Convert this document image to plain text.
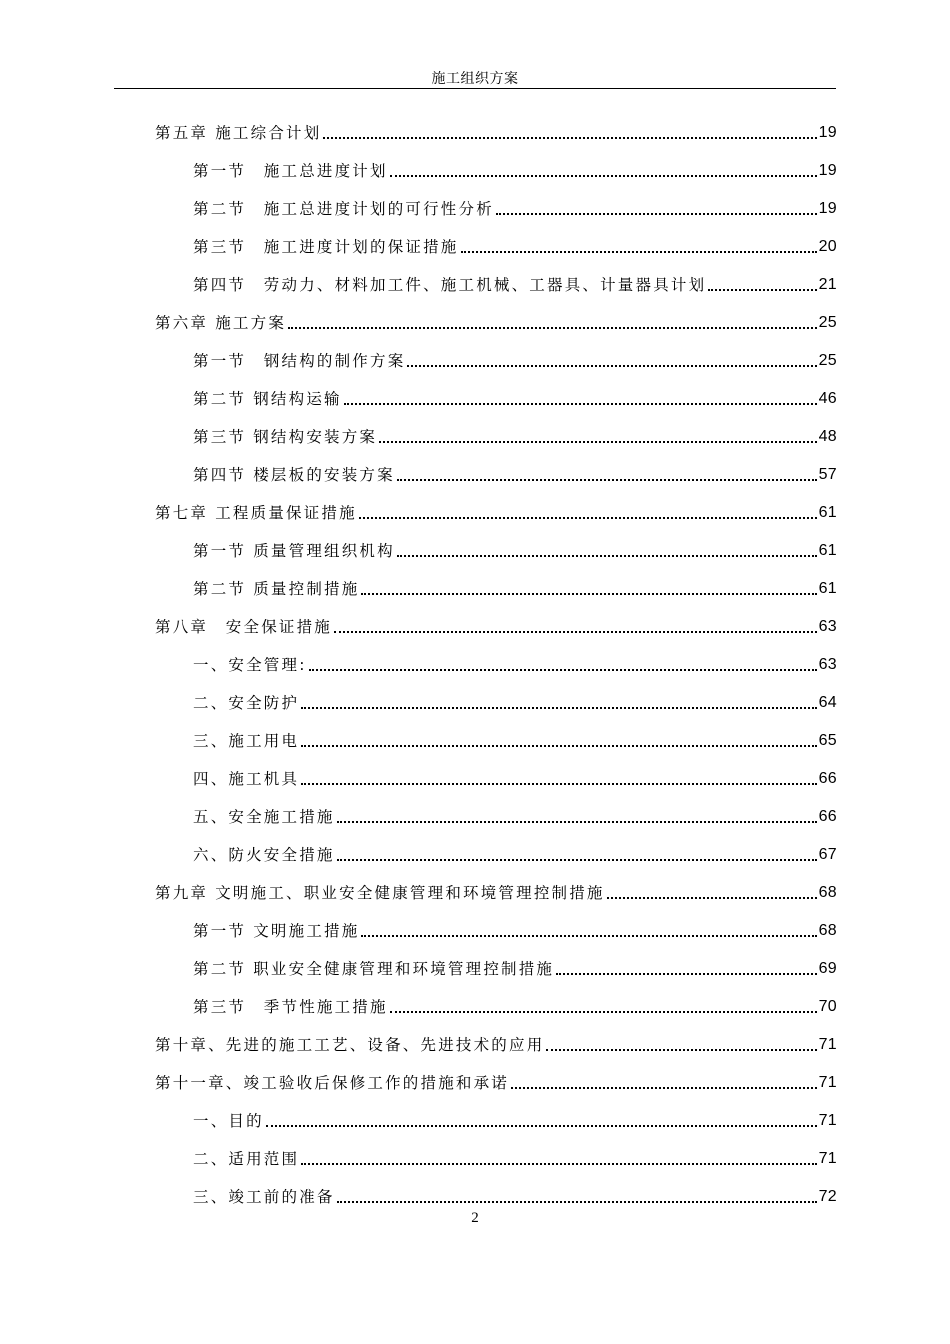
施工组织方案
第五章 施工综合计划	19
第一节　施工总进度计划	19
第二节　施工总进度计划的可行性分析	19
第三节　施工进度计划的保证措施	20
第四节　劳动力、材料加工件、施工机械、工器具、计量器具计划	21
第六章 施工方案	25
第一节　钢结构的制作方案	25
第二节 钢结构运输	46
第三节 钢结构安装方案	48
第四节 楼层板的安装方案	57
第七章 工程质量保证措施	61
第一节 质量管理组织机构	61
第二节 质量控制措施	61
第八章　安全保证措施	63
一、安全管理:	63
二、安全防护	64
三、施工用电	65
四、施工机具	66
五、安全施工措施	66
六、防火安全措施	67
第九章 文明施工、职业安全健康管理和环境管理控制措施	68
第一节 文明施工措施	68
第二节 职业安全健康管理和环境管理控制措施	69
第三节　季节性施工措施	70
第十章、先进的施工工艺、设备、先进技术的应用	71
第十一章、竣工验收后保修工作的措施和承诺	71
一、目的	71
二、适用范围	71
三、竣工前的准备	72
2
